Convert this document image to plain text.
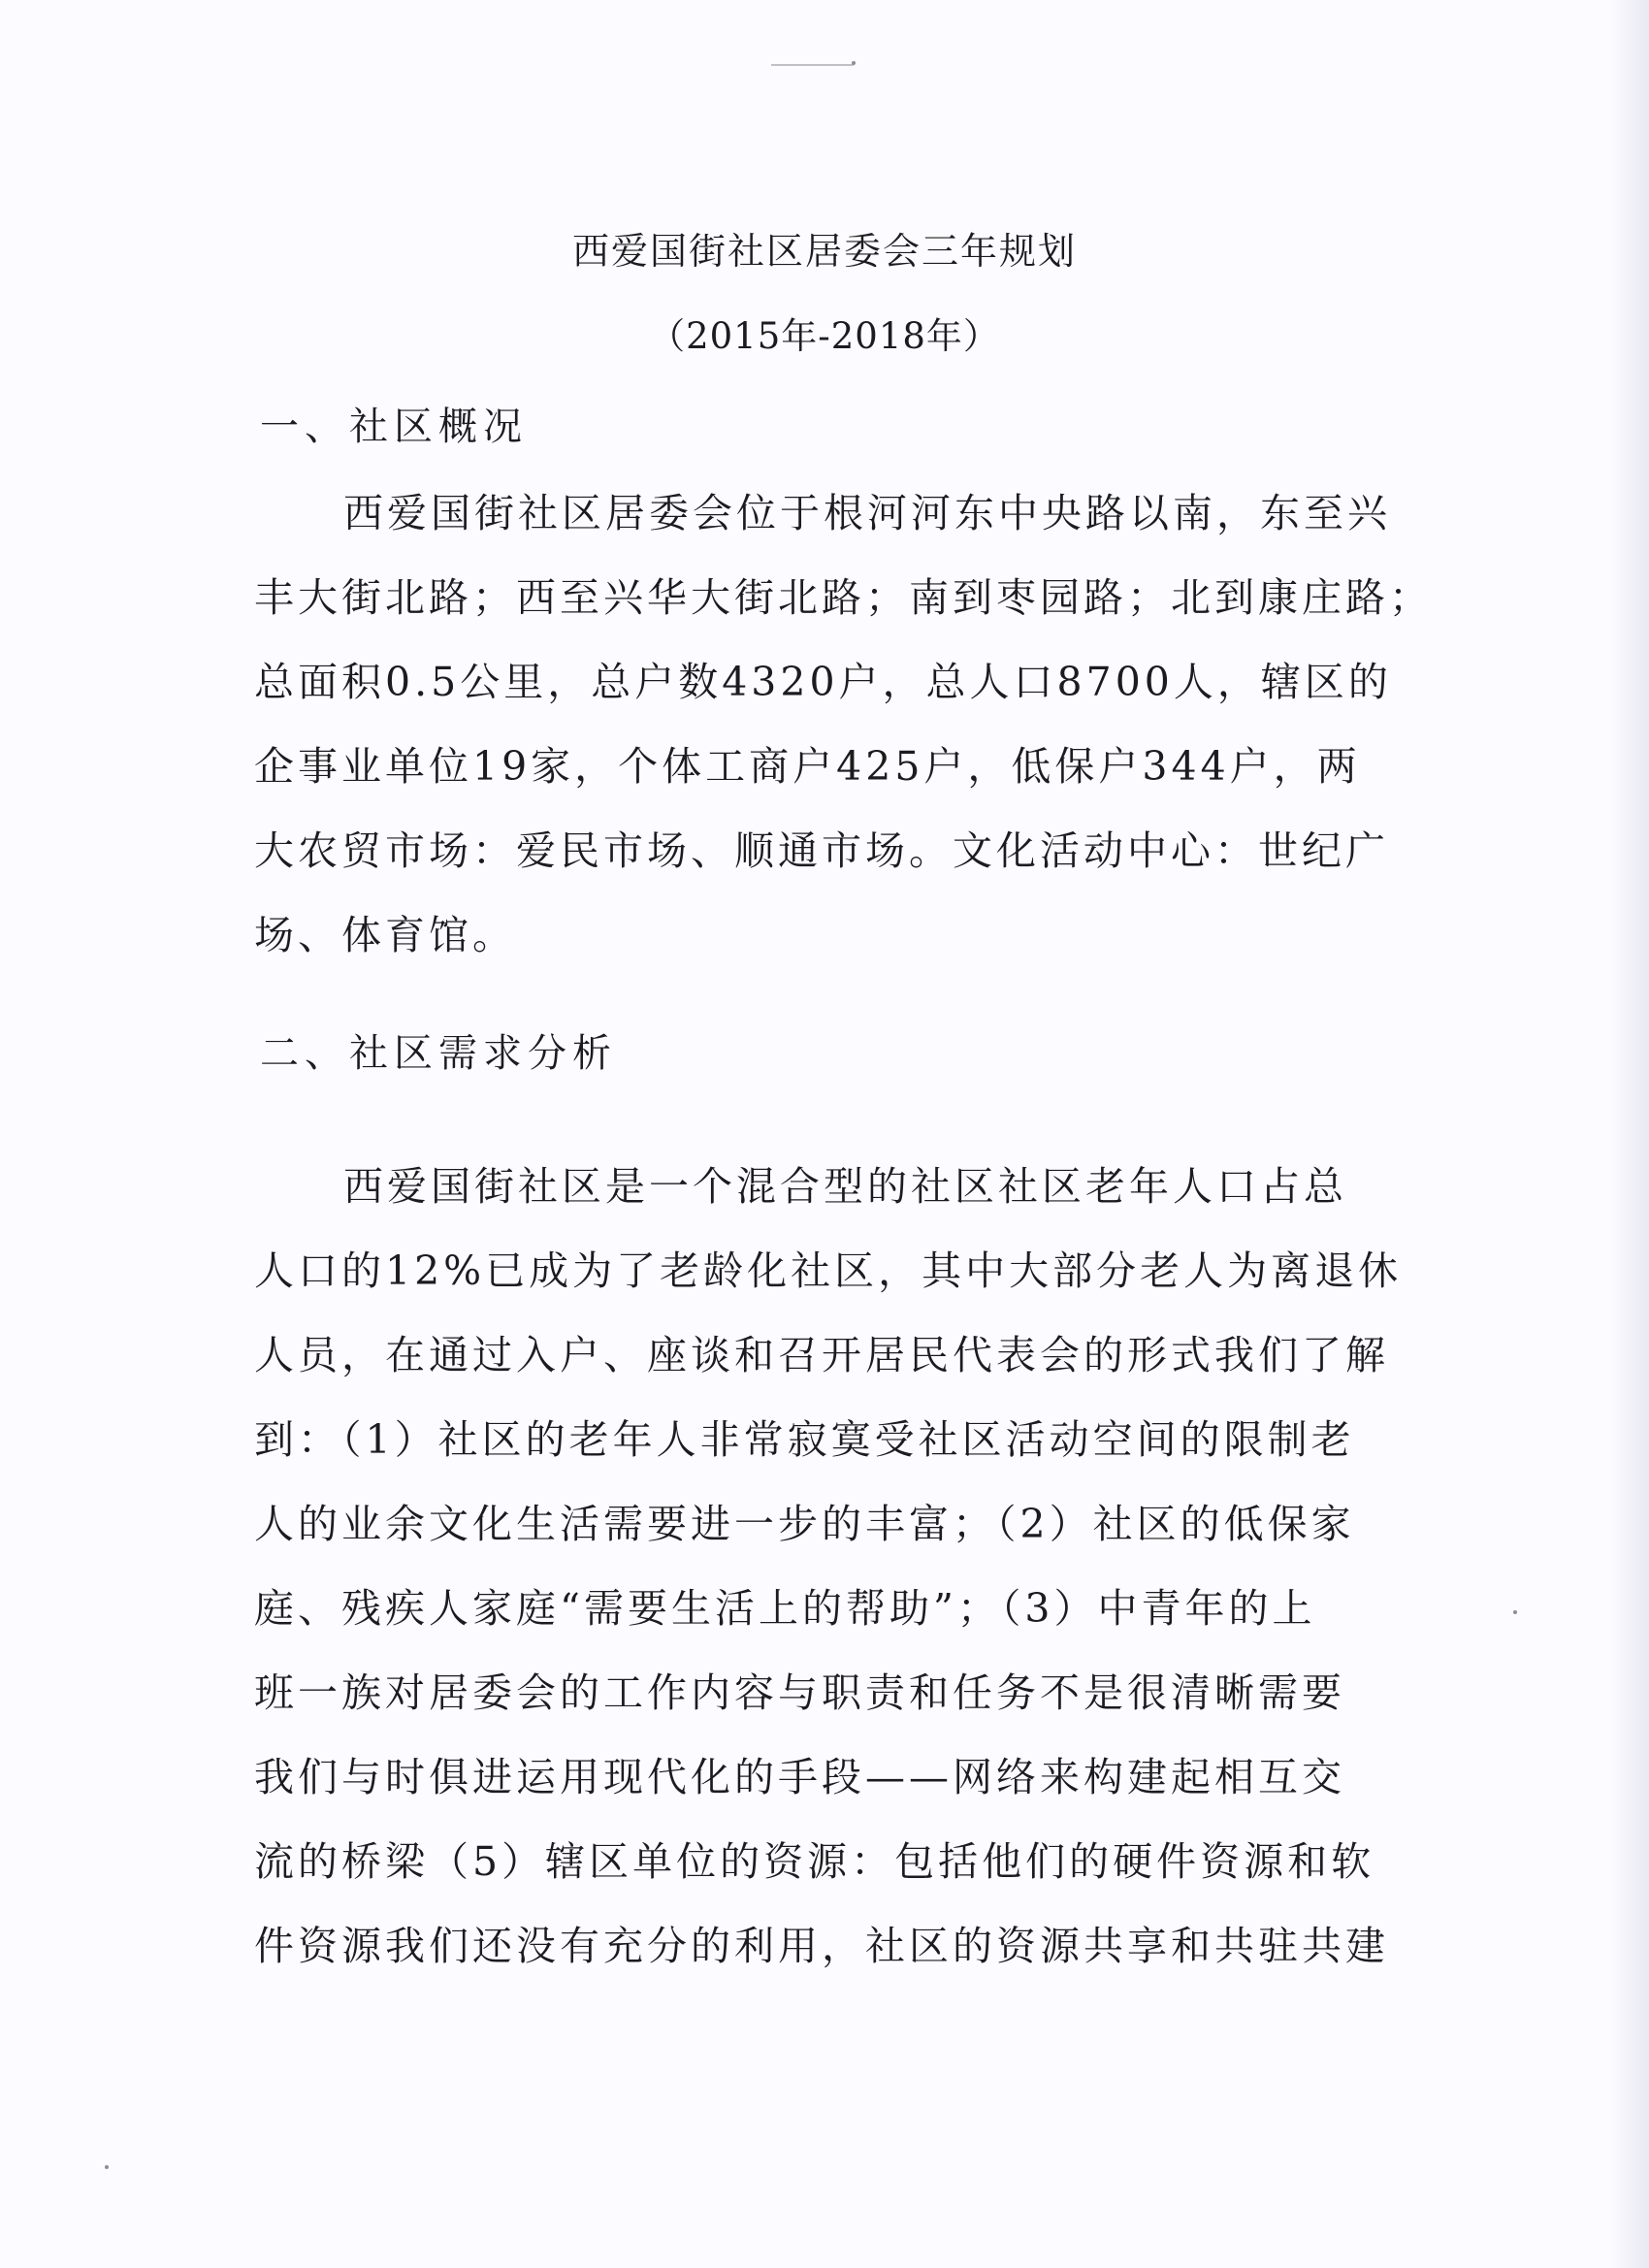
西爱国街社区居委会三年规划
（2015年-2018年）
一、社区概况
西爱国街社区居委会位于根河河东中央路以南，东至兴
丰大街北路；西至兴华大街北路；南到枣园路；北到康庄路；
总面积0.5公里，总户数4320户，总人口8700人，辖区的
企事业单位19家，个体工商户425户，低保户344户，两
大农贸市场：爱民市场、顺通市场。文化活动中心：世纪广
场、体育馆。
二、社区需求分析
西爱国街社区是一个混合型的社区社区老年人口占总
人口的12%已成为了老龄化社区，其中大部分老人为离退休
人员，在通过入户、座谈和召开居民代表会的形式我们了解
到：（1）社区的老年人非常寂寞受社区活动空间的限制老
人的业余文化生活需要进一步的丰富；（2）社区的低保家
庭、残疾人家庭“需要生活上的帮助”；（3）中青年的上
班一族对居委会的工作内容与职责和任务不是很清晰需要
我们与时俱进运用现代化的手段——网络来构建起相互交
流的桥梁（5）辖区单位的资源：包括他们的硬件资源和软
件资源我们还没有充分的利用，社区的资源共享和共驻共建
